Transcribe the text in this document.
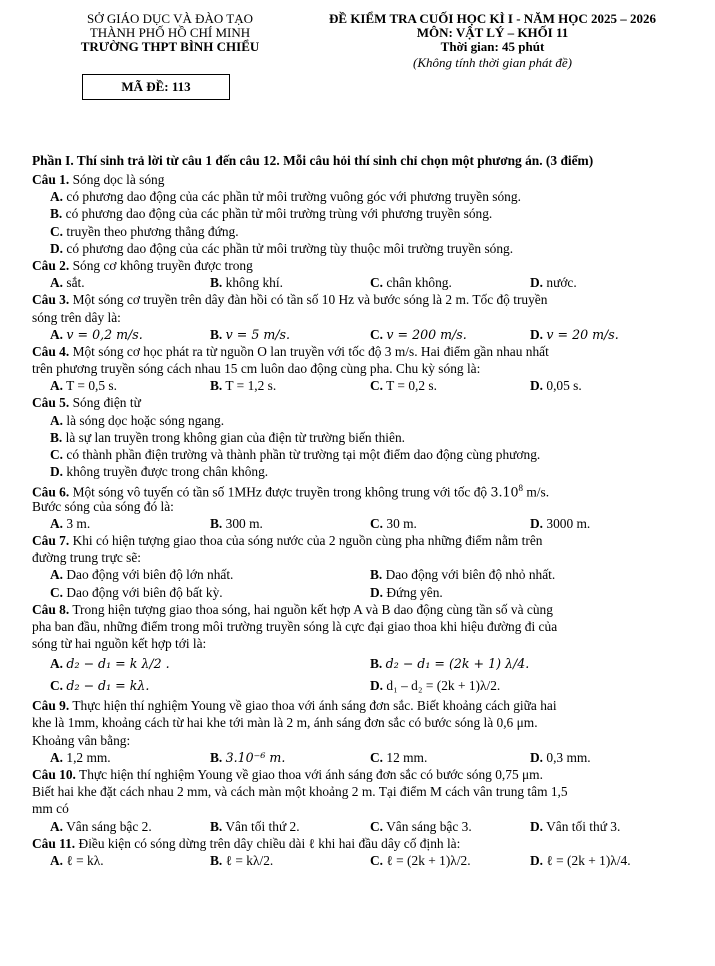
SỞ GIÁO DỤC VÀ ĐÀO TẠO
THÀNH PHỐ HỒ CHÍ MINH
TRƯỜNG THPT BÌNH CHIỂU
MÃ ĐỀ: 113
ĐỀ KIỂM TRA CUỐI HỌC KÌ I - NĂM HỌC 2025 – 2026
MÔN: VẬT LÝ – KHỐI 11
Thời gian: 45 phút
(Không tính thời gian phát đề)
Phần I. Thí sinh trả lời từ câu 1 đến câu 12. Mỗi câu hỏi thí sinh chỉ chọn một phương án. (3 điểm)
Câu 1. Sóng dọc là sóng
A. có phương dao động của các phần tử môi trường vuông góc với phương truyền sóng.
B. có phương dao động của các phần tử môi trường trùng với phương truyền sóng.
C. truyền theo phương thẳng đứng.
D. có phương dao động của các phần tử môi trường tùy thuộc môi trường truyền sóng.
Câu 2. Sóng cơ không truyền được trong
A. sắt.	B. không khí.	C. chân không.	D. nước.
Câu 3. Một sóng cơ truyền trên dây đàn hồi có tần số 10 Hz và bước sóng là 2 m. Tốc độ truyền
sóng trên dây là:
A. v = 0,2 m/s.	B. v = 5 m/s.	C. v = 200 m/s.	D. v = 20 m/s.
Câu 4. Một sóng cơ học phát ra từ nguồn O lan truyền với tốc độ 3 m/s. Hai điểm gần nhau nhất
trên phương truyền sóng cách nhau 15 cm luôn dao động cùng pha. Chu kỳ sóng là:
A. T = 0,5 s.	B. T = 1,2 s.	C. T = 0,2 s.	D. 0,05 s.
Câu 5. Sóng điện từ
A. là sóng dọc hoặc sóng ngang.
B. là sự lan truyền trong không gian của điện từ trường biến thiên.
C. có thành phần điện trường và thành phần từ trường tại một điểm dao động cùng phương.
D. không truyền được trong chân không.
Câu 6. Một sóng vô tuyến có tần số 1MHz được truyền trong không trung với tốc độ 3.10$^8$ m/s.
Bước sóng của sóng đó là:
A. 3 m.	B. 300 m.	C. 30 m.	D. 3000 m.
Câu 7. Khi có hiện tượng giao thoa của sóng nước của 2 nguồn cùng pha những điểm nằm trên
đường trung trực sẽ:
A. Dao động với biên độ lớn nhất.	B. Dao động với biên độ nhỏ nhất.
C. Dao động với biên độ bất kỳ.	D. Đứng yên.
Câu 8. Trong hiện tượng giao thoa sóng, hai nguồn kết hợp A và B dao động cùng tần số và cùng
pha ban đầu, những điểm trong môi trường truyền sóng là cực đại giao thoa khi hiệu đường đi của
sóng từ hai nguồn kết hợp tới là:
A. d₂ − d₁ = k λ/2 .	B. d₂ − d₁ = (2k + 1) λ/4.
C. d₂ − d₁ = kλ.	D. d₁ – d₂ = (2k + 1)λ/2.
Câu 9. Thực hiện thí nghiệm Young về giao thoa với ánh sáng đơn sắc. Biết khoảng cách giữa hai
khe là 1mm, khoảng cách từ hai khe tới màn là 2 m, ánh sáng đơn sắc có bước sóng là 0,6 μm.
Khoảng vân bằng:
A. 1,2 mm.	B. 3.10⁻⁶ m.	C. 12 mm.	D. 0,3 mm.
Câu 10. Thực hiện thí nghiệm Young về giao thoa với ánh sáng đơn sắc có bước sóng 0,75 μm.
Biết hai khe đặt cách nhau 2 mm, và cách màn một khoảng 2 m. Tại điểm M cách vân trung tâm 1,5
mm có
A. Vân sáng bậc 2.	B. Vân tối thứ 2.	C. Vân sáng bậc 3.	D. Vân tối thứ 3.
Câu 11. Điều kiện có sóng dừng trên dây chiều dài ℓ khi hai đầu dây cố định là:
A. ℓ = kλ.	B. ℓ = kλ/2.	C. ℓ = (2k + 1)λ/2.	D. ℓ = (2k + 1)λ/4.
